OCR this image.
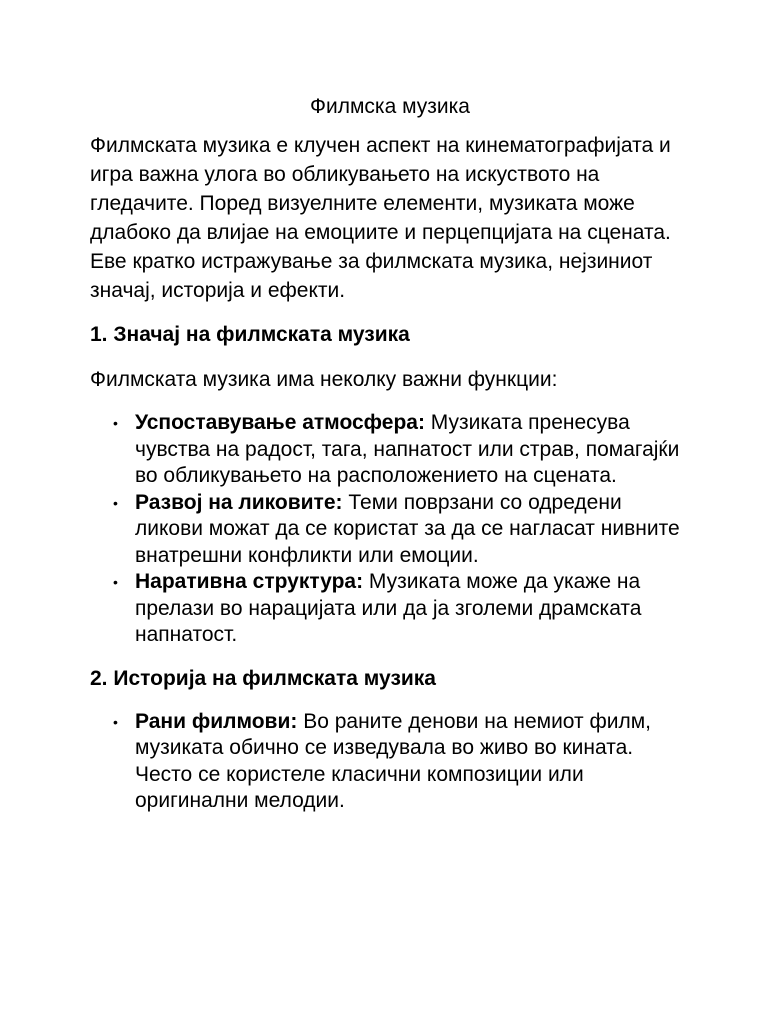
Филмска музика

Филмската музика е клучен аспект на кинематографијата и игра важна улога во обликувањето на искуството на гледачите. Поред визуелните елементи, музиката може длабоко да влијае на емоциите и перцепцијата на сцената. Еве кратко истражување за филмската музика, нејзиниот значај, историја и ефекти.

1. Значај на филмската музика

Филмската музика има неколку важни функции:

• Успоставување атмосфера: Музиката пренесува чувства на радост, тага, напнатост или страв, помагајќи во обликувањето на расположението на сцената.
• Развој на ликовите: Теми поврзани со одредени ликови можат да се користат за да се нагласат нивните внатрешни конфликти или емоции.
• Наративна структура: Музиката може да укаже на прелази во нарацијата или да ја зголеми драмската напнатост.
2. Историја на филмската музика
• Рани филмови: Во раните денови на немиот филм, музиката обично се изведувала во живо во кината. Често се користеле класични композиции или оригинални мелодии.
